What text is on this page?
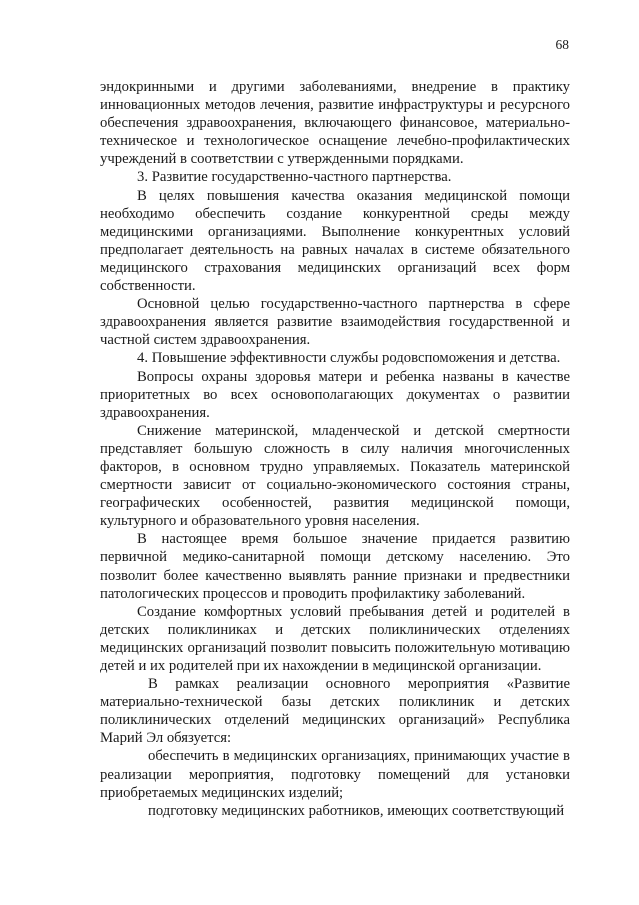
68

эндокринными и другими заболеваниями, внедрение в практику инновационных методов лечения, развитие инфраструктуры и ресурсного обеспечения здравоохранения, включающего финансовое, материально-техническое и технологическое оснащение лечебно-профилактических учреждений в соответствии с утвержденными порядками.

3. Развитие государственно-частного партнерства.

В целях повышения качества оказания медицинской помощи необходимо обеспечить создание конкурентной среды между медицинскими организациями. Выполнение конкурентных условий предполагает деятельность на равных началах в системе обязательного медицинского страхования медицинских организаций всех форм собственности.

Основной целью государственно-частного партнерства в сфере здравоохранения является развитие взаимодействия государственной и частной систем здравоохранения.

4. Повышение эффективности службы родовспоможения и детства.

Вопросы охраны здоровья матери и ребенка названы в качестве приоритетных во всех основополагающих документах о развитии здравоохранения.

Снижение материнской, младенческой и детской смертности представляет большую сложность в силу наличия многочисленных факторов, в основном трудно управляемых. Показатель материнской смертности зависит от социально-экономического состояния страны, географических особенностей, развития медицинской помощи, культурного и образовательного уровня населения.

В настоящее время большое значение придается развитию первичной медико-санитарной помощи детскому населению. Это позволит более качественно выявлять ранние признаки и предвестники патологических процессов и проводить профилактику заболеваний.

Создание комфортных условий пребывания детей и родителей в детских поликлиниках и детских поликлинических отделениях медицинских организаций позволит повысить положительную мотивацию детей и их родителей при их нахождении в медицинской организации.

В рамках реализации основного мероприятия «Развитие материально-технической базы детских поликлиник и детских поликлинических отделений медицинских организаций» Республика Марий Эл обязуется:

обеспечить в медицинских организациях, принимающих участие в реализации мероприятия, подготовку помещений для установки приобретаемых медицинских изделий;

подготовку медицинских работников, имеющих соответствующий
